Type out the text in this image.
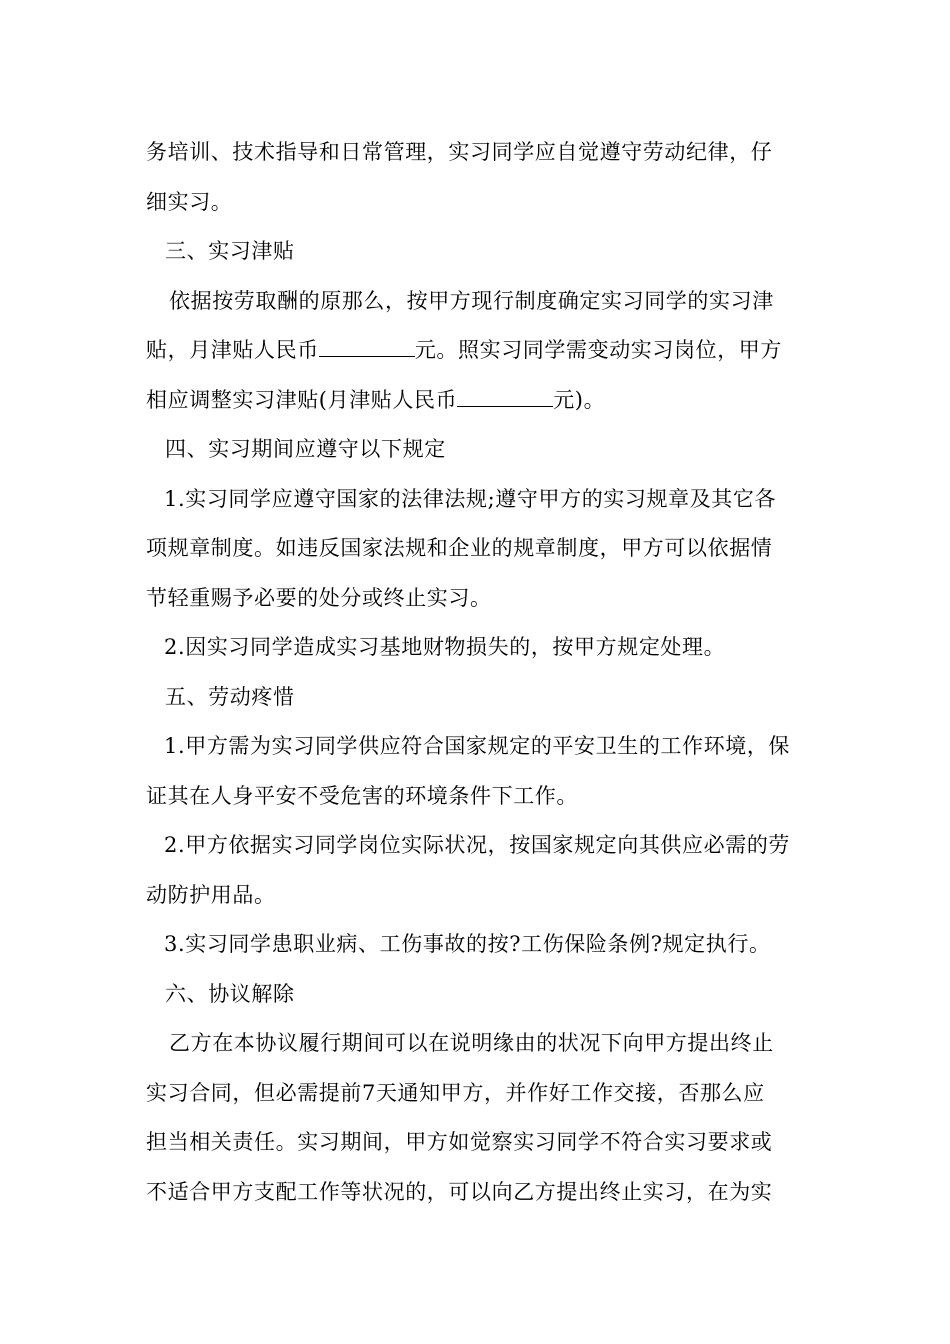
务培训、技术指导和日常管理，实习同学应自觉遵守劳动纪律，仔
细实习。
三、实习津贴
依据按劳取酬的原那么，按甲方现行制度确定实习同学的实习津
贴，月津贴人民币	元。照实习同学需变动实习岗位，甲方
相应调整实习津贴(月津贴人民币	元)。
四、实习期间应遵守以下规定
1.实习同学应遵守国家的法律法规;遵守甲方的实习规章及其它各
项规章制度。如违反国家法规和企业的规章制度，甲方可以依据情
节轻重赐予必要的处分或终止实习。
2.因实习同学造成实习基地财物损失的，按甲方规定处理。
五、劳动疼惜
1.甲方需为实习同学供应符合国家规定的平安卫生的工作环境，保
证其在人身平安不受危害的环境条件下工作。
2.甲方依据实习同学岗位实际状况，按国家规定向其供应必需的劳
动防护用品。
3.实习同学患职业病、工伤事故的按?工伤保险条例?规定执行。
六、协议解除
乙方在本协议履行期间可以在说明缘由的状况下向甲方提出终止
实习合同，但必需提前7天通知甲方，并作好工作交接，否那么应
担当相关责任。实习期间，甲方如觉察实习同学不符合实习要求或
不适合甲方支配工作等状况的，可以向乙方提出终止实习，在为实
